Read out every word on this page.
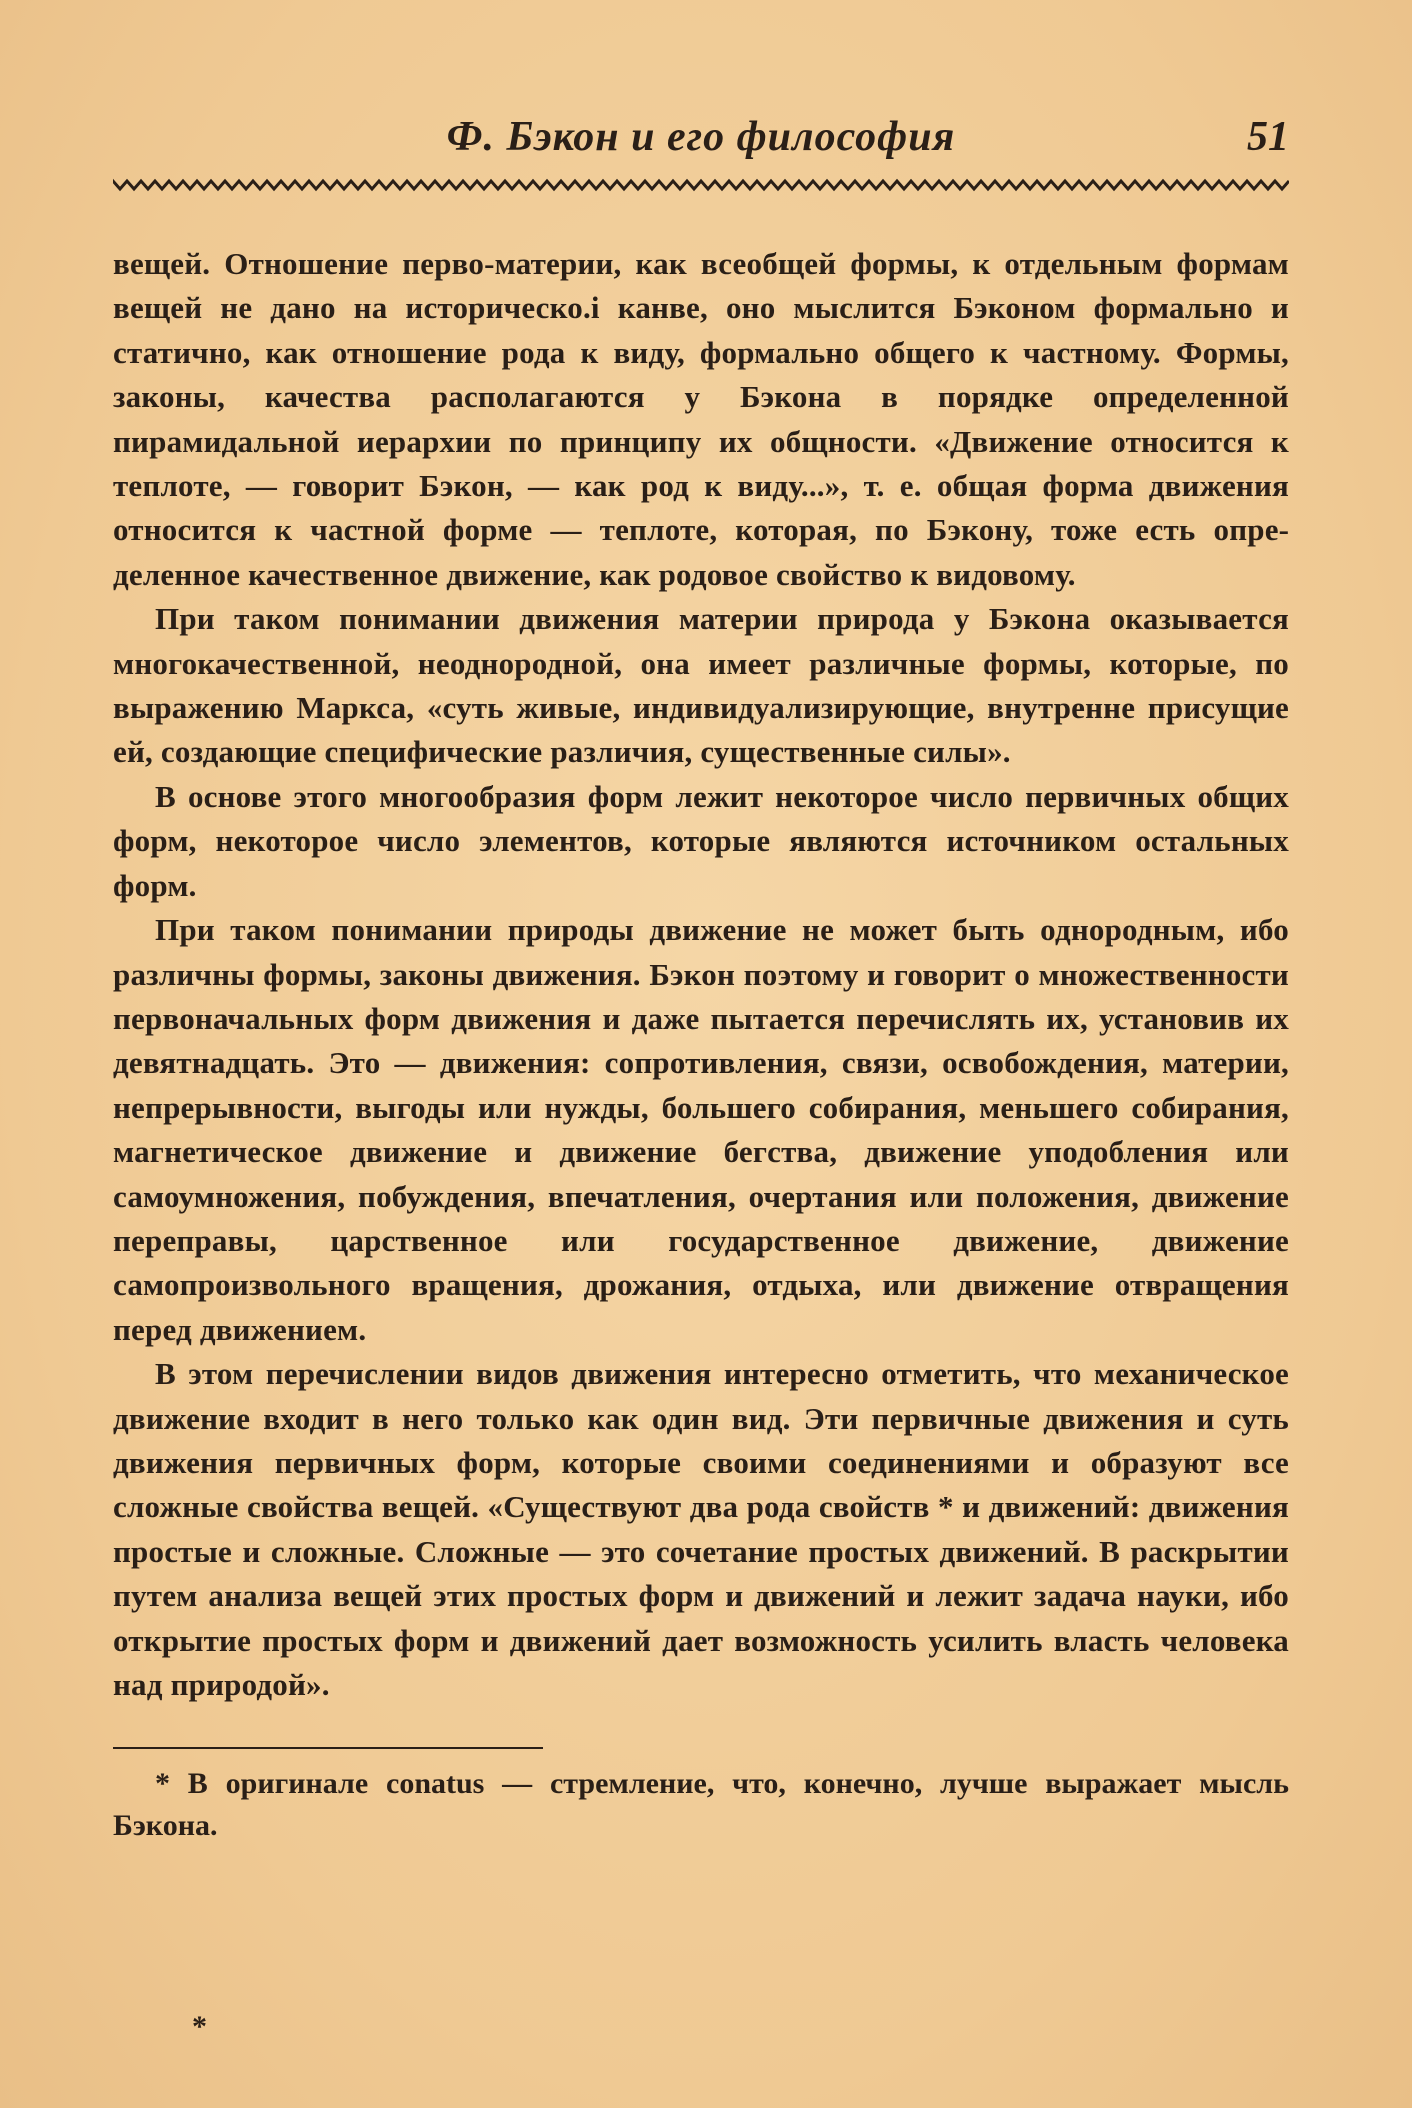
Ф. Бэкон и его философия	51

вещей. Отношение перво-материи, как всеобщей формы, к отдельным формам вещей не дано на историческо.i канве, оно мыслится Бэконом формально и статично, как отношение рода к виду, формально общего к частному. Формы, законы, качества располагаются у Бэкона в порядке определенной пирамидальной иерархии по принципу их общности. «Движение относится к теплоте, — говорит Бэкон, — как род к виду...», т. е. общая форма движения относится к частной форме — теплоте, которая, по Бэкону, тоже есть определенное качественное движение, как родовое свойство к видовому.

При таком понимании движения материи природа у Бэкона оказывается многокачественной, неоднородной, она имеет различные формы, которые, по выражению Маркса, «суть живые, индивидуализирующие, внутренне присущие ей, создающие специфические различия, существенные силы».

В основе этого многообразия форм лежит некоторое число первичных общих форм, некоторое число элементов, которые являются источником остальных форм.

При таком понимании природы движение не может быть однородным, ибо различны формы, законы движения. Бэкон поэтому и говорит о множественности первоначальных форм движения и даже пытается перечислять их, установив их девятнадцать. Это — движения: сопротивления, связи, освобождения, материи, непрерывности, выгоды или нужды, большего собирания, меньшего собирания, магнетическое движение и движение бегства, движение уподобления или самоумножения, побуждения, впечатления, очертания или положения, движение переправы, царственное или государственное движение, движение самопроизвольного вращения, дрожания, отдыха, или движение отвращения перед движением.

В этом перечислении видов движения интересно отметить, что механическое движение входит в него только как один вид. Эти первичные движения и суть движения первичных форм, которые своими соединениями и образуют все сложные свойства вещей. «Существуют два рода свойств * и движений: движения простые и сложные. Сложные — это сочетание простых движений. В раскрытии путем анализа вещей этих простых форм и движений и лежит задача науки, ибо открытие простых форм и движений дает возможность усилить власть человека над природой».

* В оригинале conatus — стремление, что, конечно, лучше выражает мысль Бэкона.

*
